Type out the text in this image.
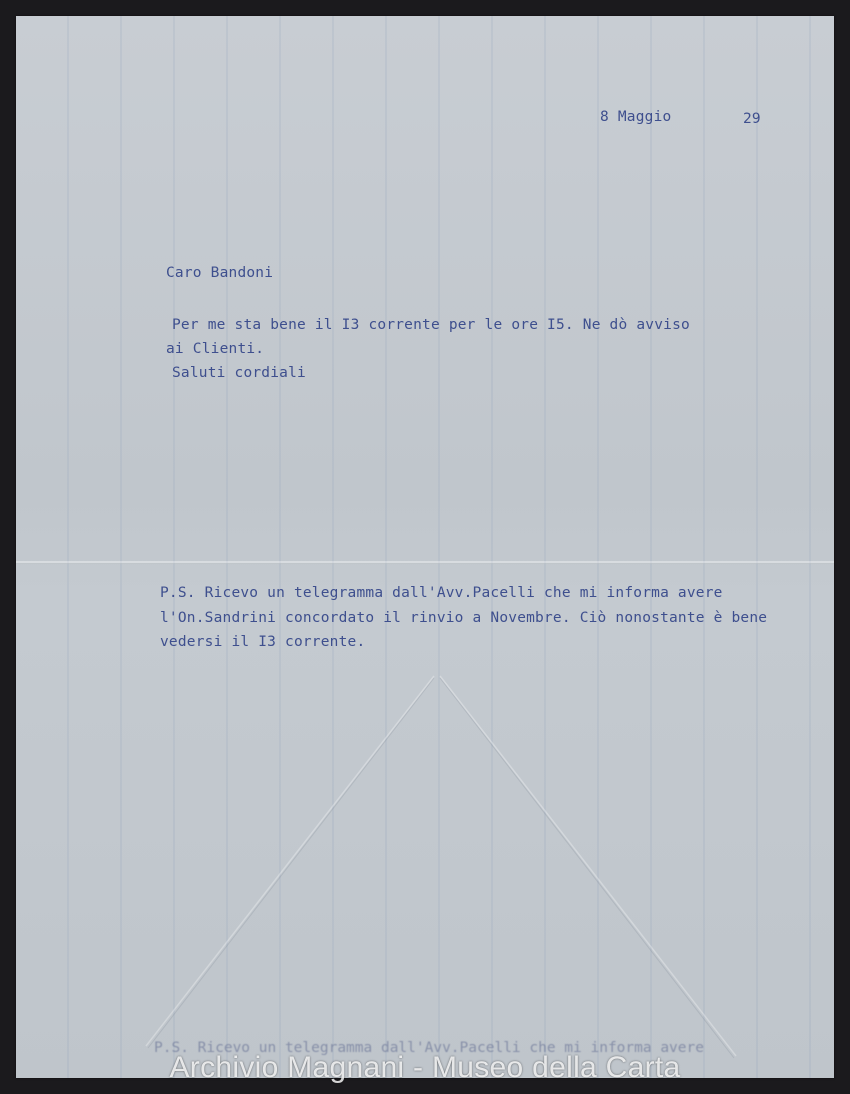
8 Maggio	29
Caro Bandoni
Per me sta bene il I3 corrente per le ore I5. Ne dò avviso
ai Clienti.
Saluti cordiali
P.S. Ricevo un telegramma dall'Avv.Pacelli che mi informa avere
l'On.Sandrini concordato il rinvio a Novembre. Ciò nonostante è bene
vedersi il I3 corrente.
P.S. Ricevo un telegramma dall'Avv.Pacelli che mi informa avere
Archivio Magnani - Museo della Carta
